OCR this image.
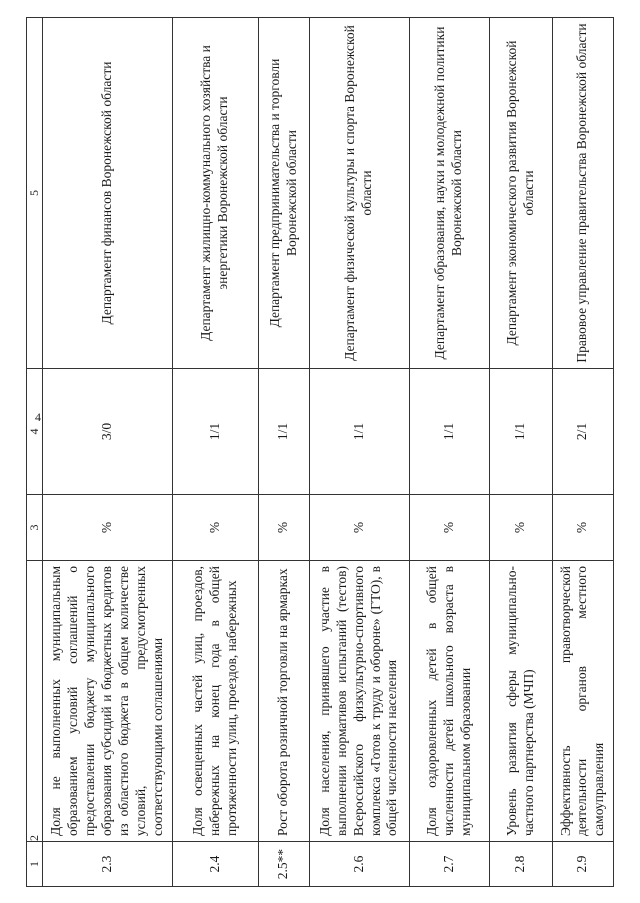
4
1	2	3	4	5
2.3	Доля не выполненных муниципальным образованием условий соглашений о предоставлении бюджету муниципального образования субсидий и бюджетных кредитов из областного бюджета в общем количестве условий, предусмотренных соответствующими соглашениями	%	3/0	Департамент финансов Воронежской области
2.4	Доля освещенных частей улиц, проездов, набережных на конец года в общей протяженности улиц, проездов, набережных	%	1/1	Департамент жилищно-коммунального хозяйства и энергетики Воронежской области
2.5**	Рост оборота розничной торговли на ярмарках	%	1/1	Департамент предпринимательства и торговли Воронежской области
2.6	Доля населения, принявшего участие в выполнении нормативов испытаний (тестов) Всероссийского физкультурно-спортивного комплекса «Готов к труду и обороне» (ГТО), в общей численности населения	%	1/1	Департамент физической культуры и спорта Воронежской области
2.7	Доля оздоровленных детей в общей численности детей школьного возраста в муниципальном образовании	%	1/1	Департамент образования, науки и молодежной политики Воронежской области
2.8	Уровень развития сферы муниципально-частного партнерства (МЧП)	%	1/1	Департамент экономического развития Воронежской области
2.9	Эффективность правотворческой деятельности органов местного самоуправления	%	2/1	Правовое управление правительства Воронежской области
